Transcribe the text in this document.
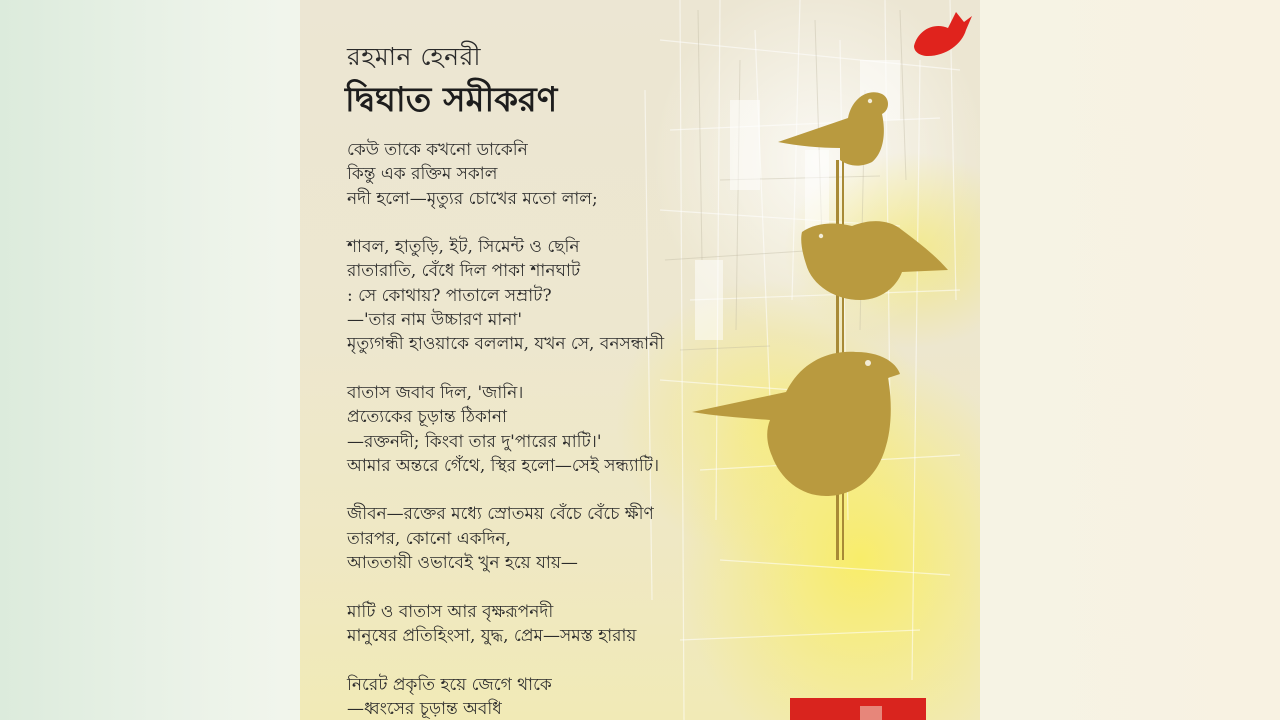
রহমান হেনরী
দ্বিঘাত সমীকরণ
কেউ তাকে কখনো ডাকেনি
কিন্তু এক রক্তিম সকাল
নদী হলো—মৃত্যুর চোখের মতো লাল;
শাবল, হাতুড়ি, ইট, সিমেন্ট ও ছেনি
রাতারাতি, বেঁধে দিল পাকা শানঘাট
: সে কোথায়? পাতালে সম্রাট?
—'তার নাম উচ্চারণ মানা'
মৃত্যুগন্ধী হাওয়াকে বললাম, যখন সে, বনসন্ধানী
বাতাস জবাব দিল, 'জানি।
প্রত্যেকের চূড়ান্ত ঠিকানা
—রক্তনদী; কিংবা তার দু'পারের মাটি।'
আমার অন্তরে গেঁথে, স্থির হলো—সেই সন্ধ্যাটি।
জীবন—রক্তের মধ্যে স্রোতময় বেঁচে বেঁচে ক্ষীণ
তারপর, কোনো একদিন,
আততায়ী ওভাবেই খুন হয়ে যায়—
মাটি ও বাতাস আর বৃক্ষরূপনদী
মানুষের প্রতিহিংসা, যুদ্ধ, প্রেম—সমস্ত হারায়
নিরেট প্রকৃতি হয়ে জেগে থাকে
—ধ্বংসের চূড়ান্ত অবধি
